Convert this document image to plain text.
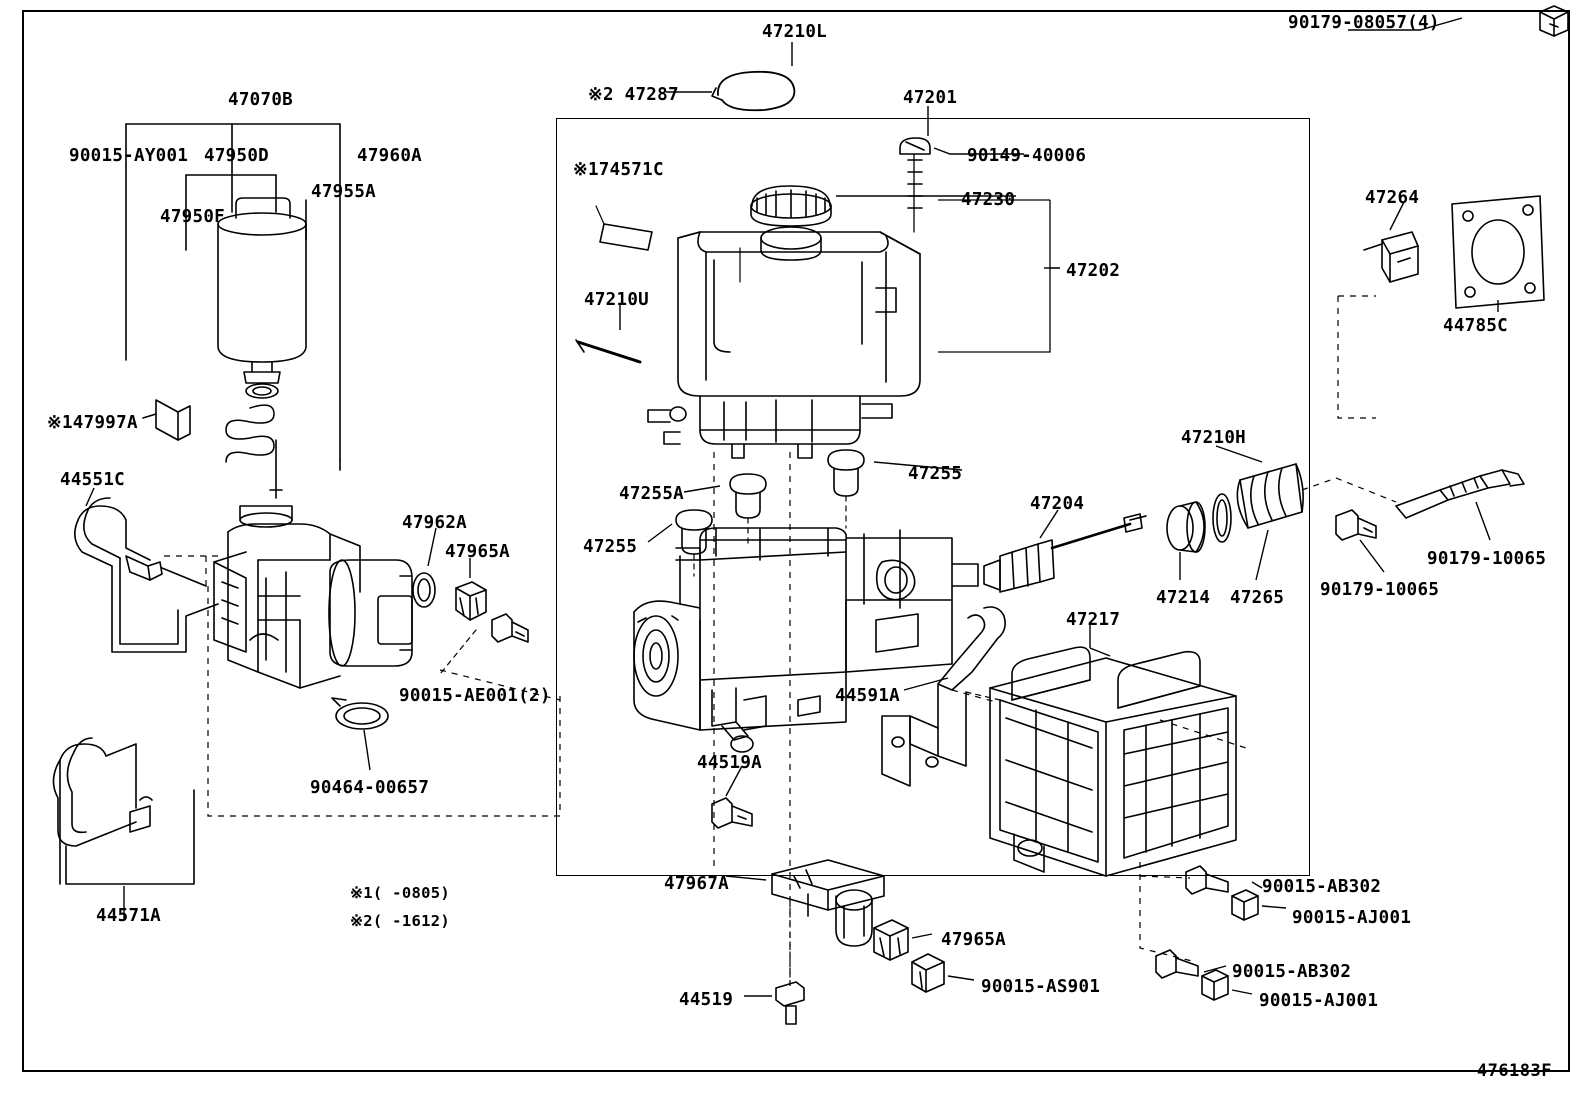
47210L	90179-08057(4)
47070B	※2 47287	47201
90015-AY001 47950D	47960A	90149-40006
※174571C
47955A	47264
47230
47950F
47202
47210U
44785C
※147997A
47210H
44551C	47255
47255A	47204
47962A
47255
47965A	90179-10065
47214 47265 90179-10065
47217
90015-AE001(2)	44591A
44519A
90464-00657
47967A	90015-AB302
44571A
47965A
90015-AJ001
90015-AB302
90015-AS901
44519	90015-AJ001
※1( -0805)
※2( -1612)
476183F
